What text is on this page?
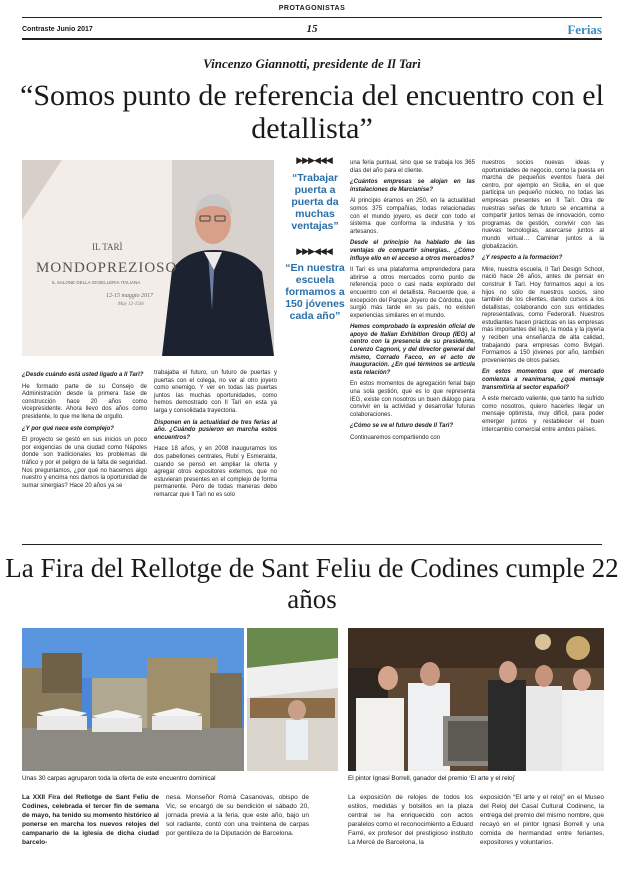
PROTAGONISTAS
Contraste Junio 2017	15	Ferias
Vincenzo Giannotti, presidente de Il Tarì
“Somos punto de referencia del encuentro con el detallista”
IL TARÌ
MONDOPREZIOSO
IL SALONE DELLA GIOIELLERIA ITALIANA
12-15 maggio 2017
May 12-15th
▶▶▶◀◀◀
“Trabajar puerta a puerta da muchas ventajas”
▶▶▶◀◀◀
“En nuestra escuela formamos a 150 jóvenes cada año”

¿Desde cuándo está usted ligado a Il Tarì?

He formado parte de su Consejo de Administración desde la primera fase de construcción hace 20 años como vicepresidente. Ahora llevo dos años como presidente, lo que me llena de orgullo.

¿Y por qué nace este complejo?

El proyecto se gestó en sus inicios un poco por exigencias de una ciudad como Nápoles donde son tradicionales los problemas de tráfico y por el peligro de la falta de seguridad. Nos preguntamos, ¿por qué no hacemos algo nuestro y encima nos damos la oportunidad de sumar sinergias? Hace 20 años ya se

trabajaba el futuro, un futuro de puertas y puertas con el colega, no ver al otro joyero como enemigo. Y ver en todas las puertas juntos las muchas oportunidades, como hemos demostrado con Il Tarì en esta ya larga y consolidada trayectoria.

Disponen en la actualidad de tres ferias al año. ¿Cuándo pusieron en marcha estos encuentros?

Hace 18 años, y en 2008 inauguramos los dos pabellones centrales, Rubí y Esmeralda, cuando se pensó en ampliar la oferta y agregar otros expositores externos, que no estuvieran presentes en el complejo de forma permanente. Pero de todas maneras debo remarcar que Il Tarì no es solo

una feria puntual, sino que se trabaja los 365 días del año para el cliente.

¿Cuántos empresas se alojan en las instalaciones de Marcianise?

Al principio éramos en 250, en la actualidad somos 375 compañías, todas relacionadas con el mundo joyero, es decir con todo el sistema que conforma la industria y los artesanos.

Desde el principio ha hablado de las ventajas de compartir sinergias.. ¿Cómo influye ello en el acceso a otros mercados?

Il Tarì es una plataforma emprendedora para abrirse a otros mercados como punto de referencia poco o casi nada explorado del encuentro con el detallista. Recuerde que, a excepción del Parque Joyero de Córdoba, que surgió más tarde en su país, no existen experiencias similares en el mundo.

Hemos comprobado la expresión oficial de apoyo de Italian Exhibition Group (IEG) al centro con la presencia de su presidente, Lorenzo Cagnoni, y del director general del mismo, Corrado Facco, en el acto de inauguración. ¿En qué términos se articula esta relación?

En estos momentos de agregación ferial bajo una sola gestión, que es lo que representa IEG, existe con nosotros un buen diálogo para convivir en la actividad y desarrollar futuras colaboraciones.

¿Cómo se ve el futuro desde Il Tarì?

Continuaremos compartiendo con

nuestros socios nuevas ideas y oportunidades de negocio, como la puesta en marcha de pequeños eventos fuera del centro, por ejemplo en Sicilia, en el que participa un pequeño núcleo, no todas las empresas presentes en Il Tarì. Otra de nuestras señas de futuro se encamina a compartir juntos temas de innovación, como programas de gestión, convivir con las nuevas tecnologías, acercarse juntos al mundo virtual… Caminar juntos a la globalización.

¿Y respecto a la formación?

Mire, nuestra escuela, Il Tarì Design School, nació hace 26 años, antes de pensar en construir Il Tarì. Hoy formamos aquí a los hijos no sólo de nuestros socios, sino también de los clientes, dando cursos a los detallistas, colaborando con sus entidades representativas, como Federorafi. Nuestros estudiantes hacen prácticas en las empresas más importantes del lujo, la moda y la joyería y reciben una enseñanza de alta calidad, trabajando para empresas como Bvlgari. Formamos a 150 jóvenes por año, también provenientes de otros países.

En estos momentos que el mercado comienza a reanimarse, ¿qué mensaje transmitiría al sector español?

A este mercado valiente, que tanto ha sufrido como nosotros, quiero hacerles llegar un mensaje optimista, muy difícil, para poder emerger juntos y restablecer el buen intercambio comercial entre ambos países.

La Fira del Rellotge de Sant Feliu de Codines cumple 22 años
Unas 30 carpas agruparon toda la oferta de este encuentro dominical	El pintor Ignasi Borrell, ganador del premio ‘El arte y el reloj’
La XXII Fira del Rellotge de Sant Feliu de Codines, celebrada el tercer fin de semana de mayo, ha tenido su momento histórico al ponerse en marcha los nuevos relojes del campanario de la iglesia de dicha ciudad barcelo-
nesa. Monseñor Romà Casanovas, obispo de Vic, se encargó de su bendición el sábado 20, jornada previa a la feria, que este año, bajo un sol radiante, contó con una treintena de carpas por gentileza de la Diputación de Barcelona.
La exposición de relojes de todos los estilos, medidas y bolsillos en la plaza central se ha enriquecido con actos paralelos como el reconocimiento a Eduard Farré, ex profesor del prestigioso instituto La Mercè de Barcelona, la
exposición “El arte y el reloj” en el Museo del Reloj del Casal Cultural Codinenc, la entrega del premio del mismo nombre, que recayó en el pintor Ignasi Borrell y una comida de hermandad entre feriantes, expositores y voluntarios.
